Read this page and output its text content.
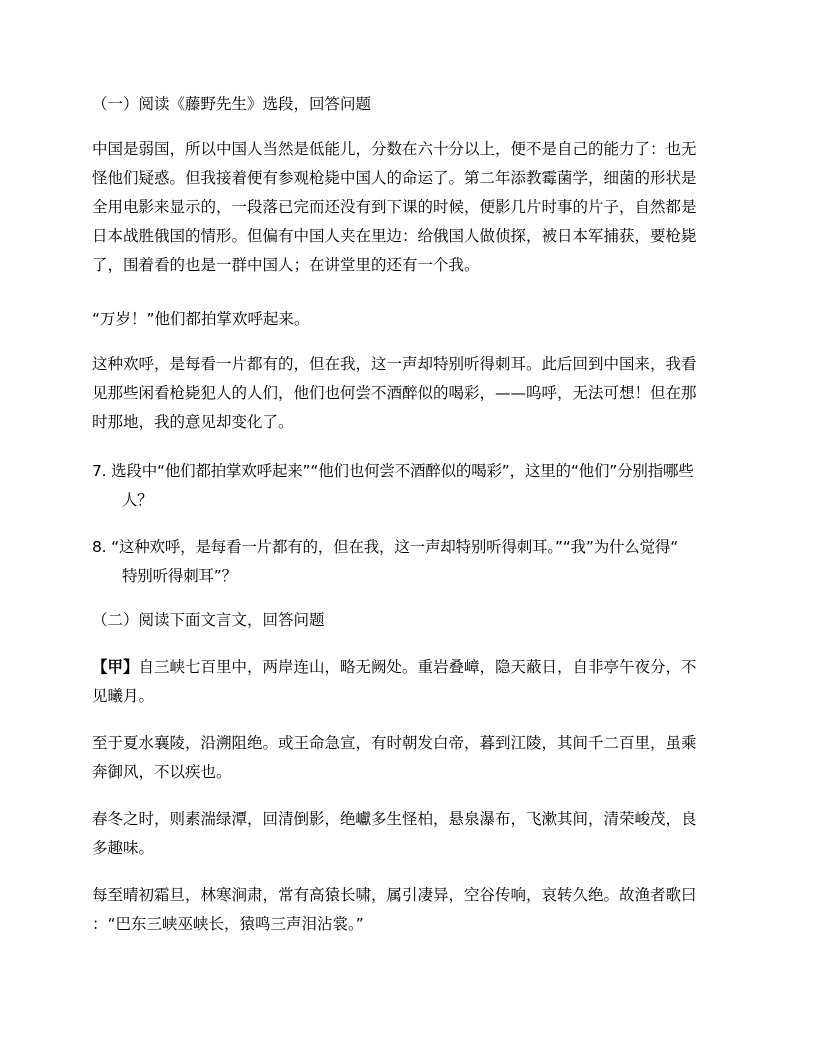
（一）阅读《藤野先生》选段，回答问题
中国是弱国，所以中国人当然是低能儿，分数在六十分以上，便不是自己的能力了：也无
怪他们疑惑。但我接着便有参观枪毙中国人的命运了。第二年添教霉菌学，细菌的形状是
全用电影来显示的，一段落已完而还没有到下课的时候，便影几片时事的片子，自然都是
日本战胜俄国的情形。但偏有中国人夹在里边：给俄国人做侦探，被日本军捕获，要枪毙
了，围着看的也是一群中国人；在讲堂里的还有一个我。
“万岁！”他们都拍掌欢呼起来。
这种欢呼，是每看一片都有的，但在我，这一声却特别听得刺耳。此后回到中国来，我看
见那些闲看枪毙犯人的人们，他们也何尝不酒醉似的喝彩，——呜呼，无法可想！但在那
时那地，我的意见却变化了。
7. 选段中“他们都拍掌欢呼起来”“他们也何尝不酒醉似的喝彩”，这里的“他们”分别指哪些
人？
8. “这种欢呼，是每看一片都有的，但在我，这一声却特别听得刺耳。”“我”为什么觉得“
特别听得刺耳”？
（二）阅读下面文言文，回答问题
【甲】自三峡七百里中，两岸连山，略无阙处。重岩叠嶂，隐天蔽日，自非亭午夜分，不
见曦月。
至于夏水襄陵，沿溯阻绝。或王命急宣，有时朝发白帝，暮到江陵，其间千二百里，虽乘
奔御风，不以疾也。
春冬之时，则素湍绿潭，回清倒影，绝巘多生怪柏，悬泉瀑布，飞漱其间，清荣峻茂，良
多趣味。
每至晴初霜旦，林寒涧肃，常有高猿长啸，属引凄异，空谷传响，哀转久绝。故渔者歌曰
：“巴东三峡巫峡长，猿鸣三声泪沾裳。”
